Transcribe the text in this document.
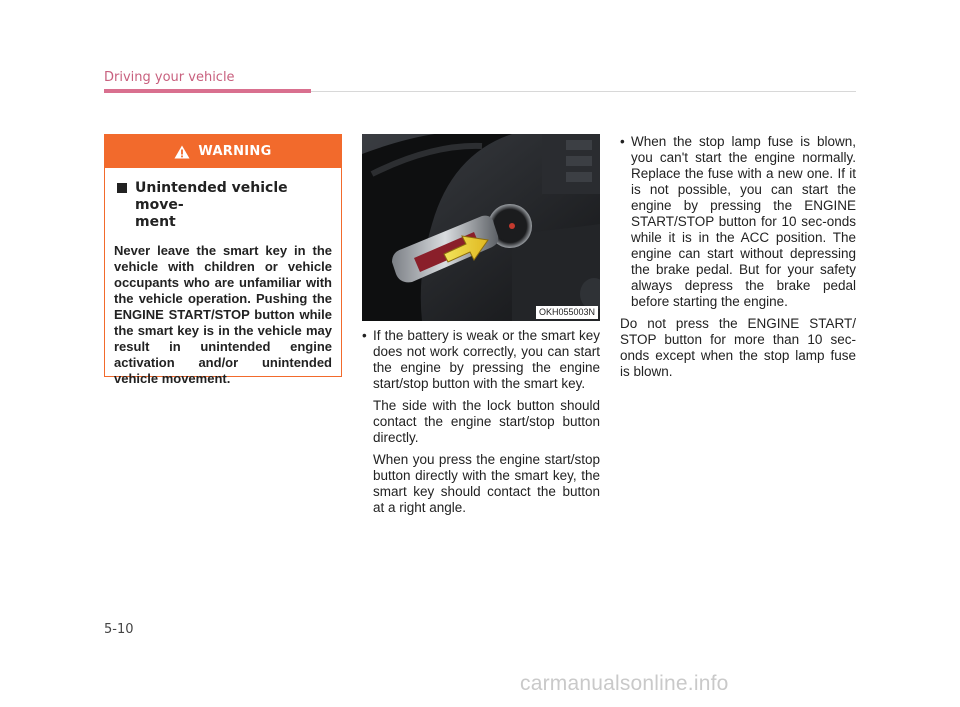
Driving your vehicle
WARNING
Unintended vehicle move-
ment
Never leave the smart key in the vehicle with children or vehicle occupants who are unfamiliar with the vehicle operation. Pushing the ENGINE START/STOP button while the smart key is in the vehicle may result in unintended engine activation and/or unintended vehicle movement.
OKH055003N

• If the battery is weak or the smart key does not work correctly, you can start the engine by pressing the engine start/stop button with the smart key.

The side with the lock button should contact the engine start/stop button directly.

When you press the engine start/stop button directly with the smart key, the smart key should contact the button at a right angle.

• When the stop lamp fuse is blown, you can't start the engine normally. Replace the fuse with a new one. If it is not possible, you can start the engine by pressing the ENGINE START/STOP button for 10 sec-onds while it is in the ACC position. The engine can start without depressing the brake pedal. But for your safety always depress the brake pedal before starting the engine.

Do not press the ENGINE START/ STOP button for more than 10 sec-onds except when the stop lamp fuse is blown.

5-10
carmanualsonline.info
